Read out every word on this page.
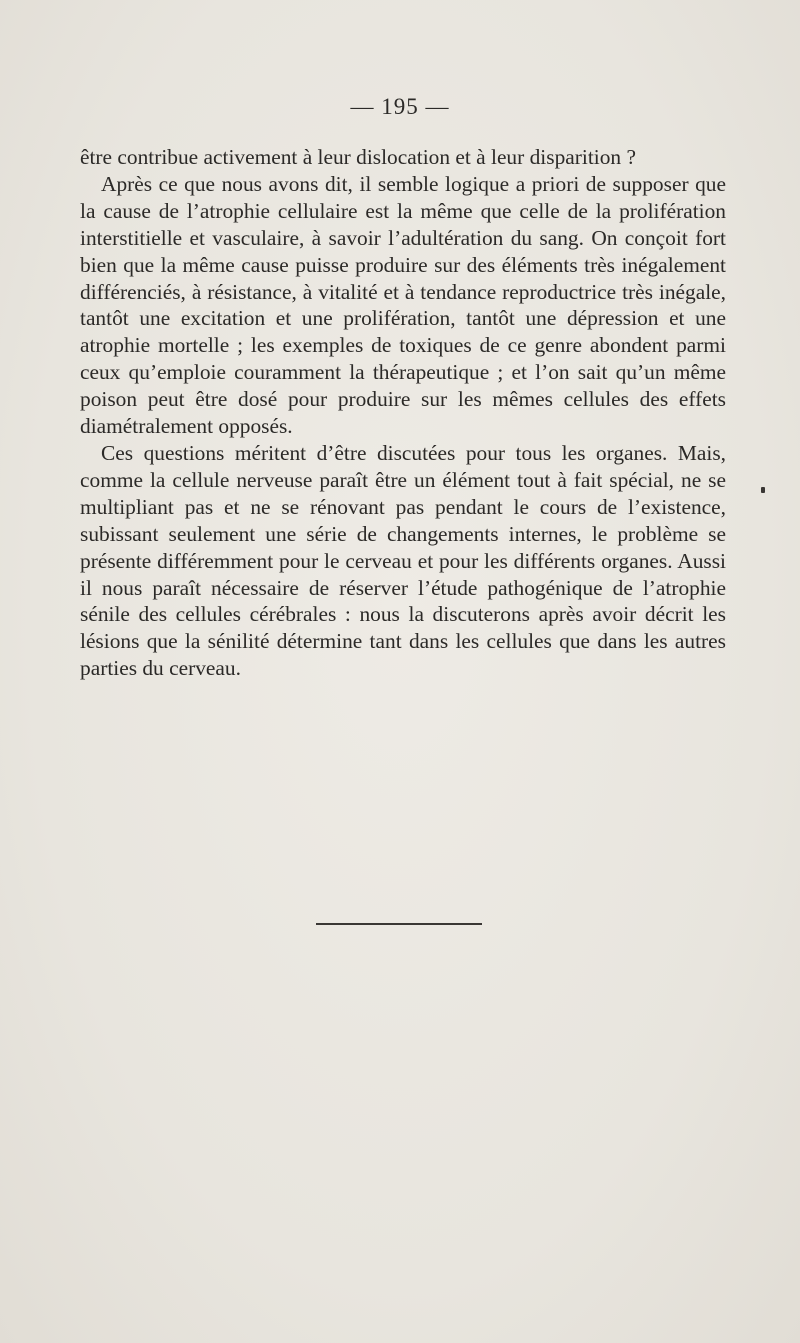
— 195 —

être contribue activement à leur dislocation et à leur disparition ?

Après ce que nous avons dit, il semble logique a priori de supposer que la cause de l’atrophie cellulaire est la même que celle de la prolifération interstitielle et vasculaire, à savoir l’adultération du sang. On conçoit fort bien que la même cause puisse produire sur des éléments très inégalement différenciés, à résistance, à vitalité et à tendance reproductrice très inégale, tantôt une excitation et une prolifération, tantôt une dépression et une atrophie mortelle ; les exemples de toxiques de ce genre abondent parmi ceux qu’emploie couramment la thérapeutique ; et l’on sait qu’un même poison peut être dosé pour produire sur les mêmes cellules des effets diamétralement opposés.

Ces questions méritent d’être discutées pour tous les organes. Mais, comme la cellule nerveuse paraît être un élément tout à fait spécial, ne se multipliant pas et ne se rénovant pas pendant le cours de l’existence, subissant seulement une série de changements internes, le problème se présente différemment pour le cerveau et pour les différents organes. Aussi il nous paraît nécessaire de réserver l’étude pathogénique de l’atrophie sénile des cellules cérébrales : nous la discuterons après avoir décrit les lésions que la sénilité détermine tant dans les cellules que dans les autres parties du cerveau.
